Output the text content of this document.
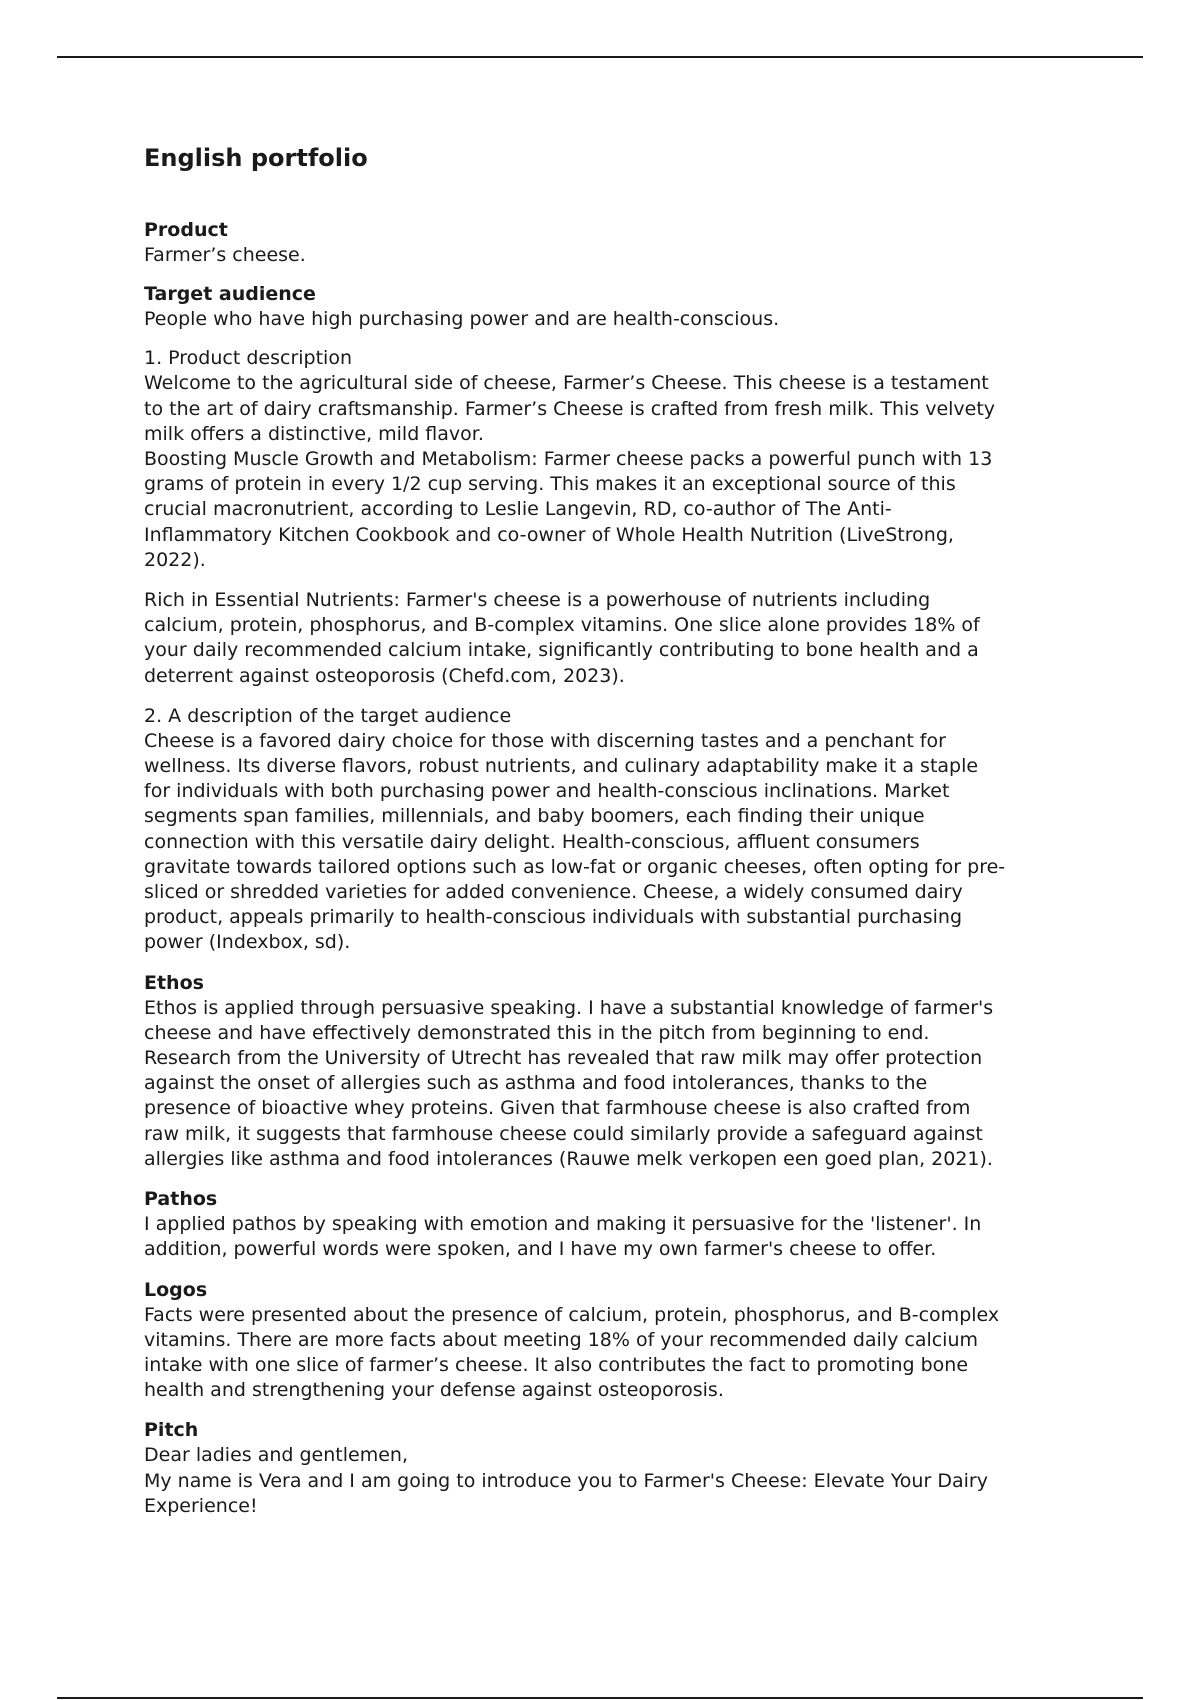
English portfolio
Product
Farmer’s cheese.
Target audience
People who have high purchasing power and are health-conscious.
1. Product description
Welcome to the agricultural side of cheese, Farmer’s Cheese. This cheese is a testament
to the art of dairy craftsmanship. Farmer’s Cheese is crafted from fresh milk. This velvety
milk offers a distinctive, mild flavor.
Boosting Muscle Growth and Metabolism: Farmer cheese packs a powerful punch with 13
grams of protein in every 1/2 cup serving. This makes it an exceptional source of this
crucial macronutrient, according to Leslie Langevin, RD, co-author of The Anti-
Inflammatory Kitchen Cookbook and co-owner of Whole Health Nutrition (LiveStrong,
2022).
Rich in Essential Nutrients: Farmer's cheese is a powerhouse of nutrients including
calcium, protein, phosphorus, and B-complex vitamins. One slice alone provides 18% of
your daily recommended calcium intake, significantly contributing to bone health and a
deterrent against osteoporosis (Chefd.com, 2023).
2. A description of the target audience
Cheese is a favored dairy choice for those with discerning tastes and a penchant for
wellness. Its diverse flavors, robust nutrients, and culinary adaptability make it a staple
for individuals with both purchasing power and health-conscious inclinations. Market
segments span families, millennials, and baby boomers, each finding their unique
connection with this versatile dairy delight. Health-conscious, affluent consumers
gravitate towards tailored options such as low-fat or organic cheeses, often opting for pre-
sliced or shredded varieties for added convenience. Cheese, a widely consumed dairy
product, appeals primarily to health-conscious individuals with substantial purchasing
power (Indexbox, sd).
Ethos
Ethos is applied through persuasive speaking. I have a substantial knowledge of farmer's
cheese and have effectively demonstrated this in the pitch from beginning to end.
Research from the University of Utrecht has revealed that raw milk may offer protection
against the onset of allergies such as asthma and food intolerances, thanks to the
presence of bioactive whey proteins. Given that farmhouse cheese is also crafted from
raw milk, it suggests that farmhouse cheese could similarly provide a safeguard against
allergies like asthma and food intolerances (Rauwe melk verkopen een goed plan, 2021).
Pathos
I applied pathos by speaking with emotion and making it persuasive for the 'listener'. In
addition, powerful words were spoken, and I have my own farmer's cheese to offer.
Logos
Facts were presented about the presence of calcium, protein, phosphorus, and B-complex
vitamins. There are more facts about meeting 18% of your recommended daily calcium
intake with one slice of farmer’s cheese. It also contributes the fact to promoting bone
health and strengthening your defense against osteoporosis.
Pitch
Dear ladies and gentlemen,
My name is Vera and I am going to introduce you to Farmer's Cheese: Elevate Your Dairy
Experience!
